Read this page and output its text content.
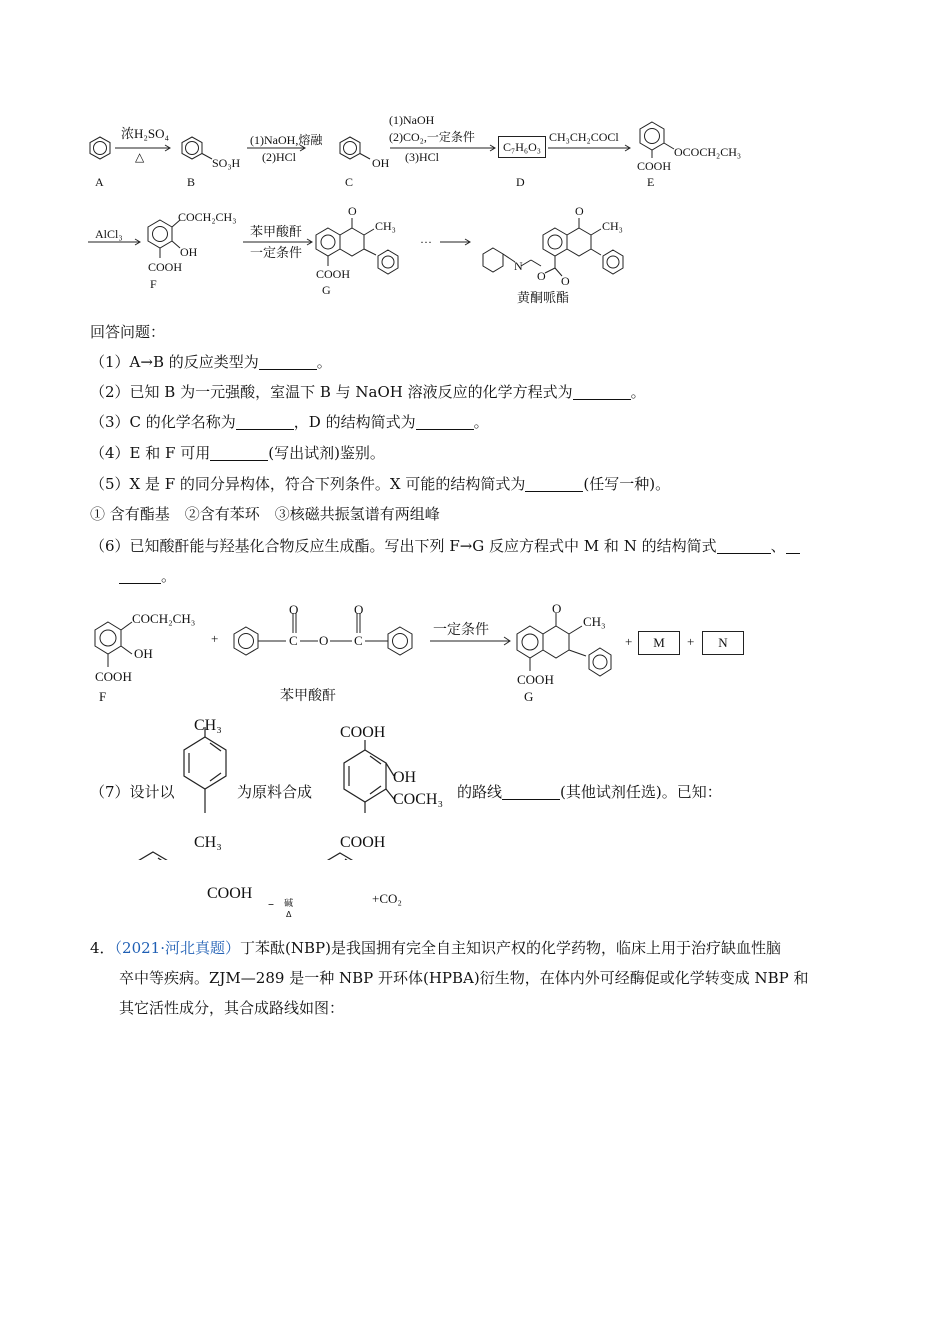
A
浓H₂SO₄
△	SO₃H
B
(1)NaOH,熔融
(2)HCl	OH
C
(1)NaOH
(2)CO₂,一定条件
(3)HCl
C₇H₆O₃
D
CH₃CH₂COCl
OCOCH₂CH₃
COOH
E
AlCl₃
COCH₂CH₃
OH
COOH
F
苯甲酸酐
一定条件
O
CH₃
COOH
G
···
N
O
CH₃
O O
黄酮哌酯
回答问题：
（1）A→B 的反应类型为	。
（2）已知 B 为一元强酸，室温下 B 与 NaOH 溶液反应的化学方程式为	。
（3）C 的化学名称为	，D 的结构简式为	。
（4）E 和 F 可用	(写出试剂)鉴别。
（5）X 是 F 的同分异构体，符合下列条件。X 可能的结构简式为	(任写一种)。
① 含有酯基　②含有苯环　③核磁共振氢谱有两组峰
（6）已知酸酐能与羟基化合物反应生成酯。写出下列 F→G 反应方程式中 M 和 N 的结构简式	、
。
COCH₂CH₃
OH
COOH
F
+
O
C O
O
C
苯甲酸酐
一定条件
O
CH₃
COOH
G
+	M	+	N
CH₃
CH₃
COOH
OH
COCH₃
COOH
（7）设计以	为原料合成	的路线	(其他试剂任选)。已知：
COOH
碱
Δ
–	+CO₂
4．（2021·河北真题）丁苯酞(NBP)是我国拥有完全自主知识产权的化学药物，临床上用于治疗缺血性脑
卒中等疾病。ZJM—289 是一种 NBP 开环体(HPBA)衍生物，在体内外可经酶促或化学转变成 NBP 和
其它活性成分，其合成路线如图：
